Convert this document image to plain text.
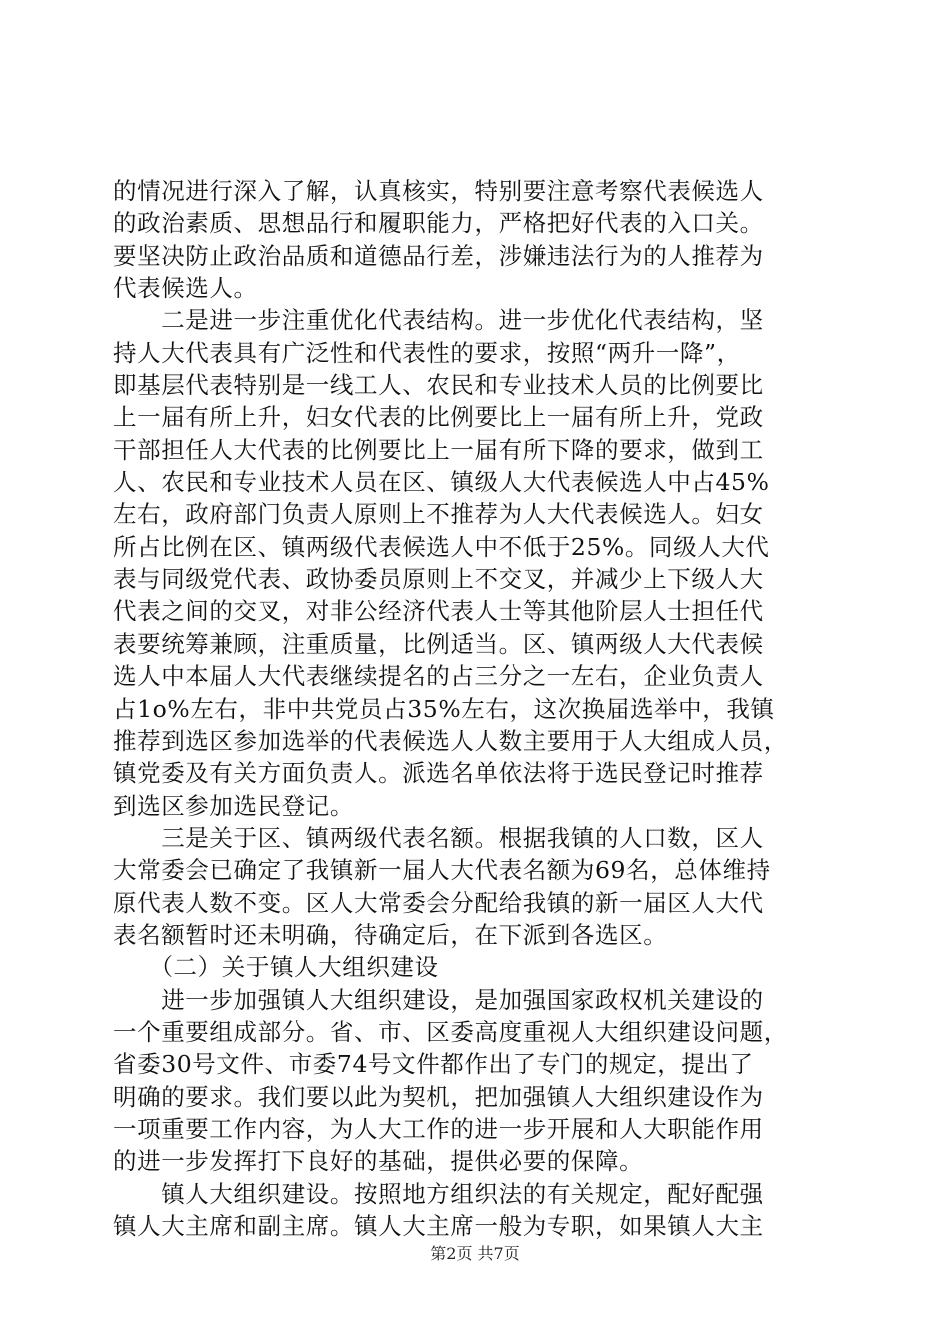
的情况进行深入了解，认真核实，特别要注意考察代表候选人
的政治素质、思想品行和履职能力，严格把好代表的入口关。
要坚决防止政治品质和道德品行差，涉嫌违法行为的人推荐为
代表候选人。
　　二是进一步注重优化代表结构。进一步优化代表结构，坚
持人大代表具有广泛性和代表性的要求，按照“两升一降”，
即基层代表特别是一线工人、农民和专业技术人员的比例要比
上一届有所上升，妇女代表的比例要比上一届有所上升，党政
干部担任人大代表的比例要比上一届有所下降的要求，做到工
人、农民和专业技术人员在区、镇级人大代表候选人中占45%
左右，政府部门负责人原则上不推荐为人大代表候选人。妇女
所占比例在区、镇两级代表候选人中不低于25%。同级人大代
表与同级党代表、政协委员原则上不交叉，并减少上下级人大
代表之间的交叉，对非公经济代表人士等其他阶层人士担任代
表要统筹兼顾，注重质量，比例适当。区、镇两级人大代表候
选人中本届人大代表继续提名的占三分之一左右，企业负责人
占1o%左右，非中共党员占35%左右，这次换届选举中，我镇
推荐到选区参加选举的代表候选人人数主要用于人大组成人员，
镇党委及有关方面负责人。派选名单依法将于选民登记时推荐
到选区参加选民登记。
　　三是关于区、镇两级代表名额。根据我镇的人口数，区人
大常委会已确定了我镇新一届人大代表名额为69名，总体维持
原代表人数不变。区人大常委会分配给我镇的新一届区人大代
表名额暂时还未明确，待确定后，在下派到各选区。
　　（二）关于镇人大组织建设
　　进一步加强镇人大组织建设，是加强国家政权机关建设的
一个重要组成部分。省、市、区委高度重视人大组织建设问题，
省委30号文件、市委74号文件都作出了专门的规定，提出了
明确的要求。我们要以此为契机，把加强镇人大组织建设作为
一项重要工作内容，为人大工作的进一步开展和人大职能作用
的进一步发挥打下良好的基础，提供必要的保障。
　　镇人大组织建设。按照地方组织法的有关规定，配好配强
镇人大主席和副主席。镇人大主席一般为专职，如果镇人大主
第2页 共7页
